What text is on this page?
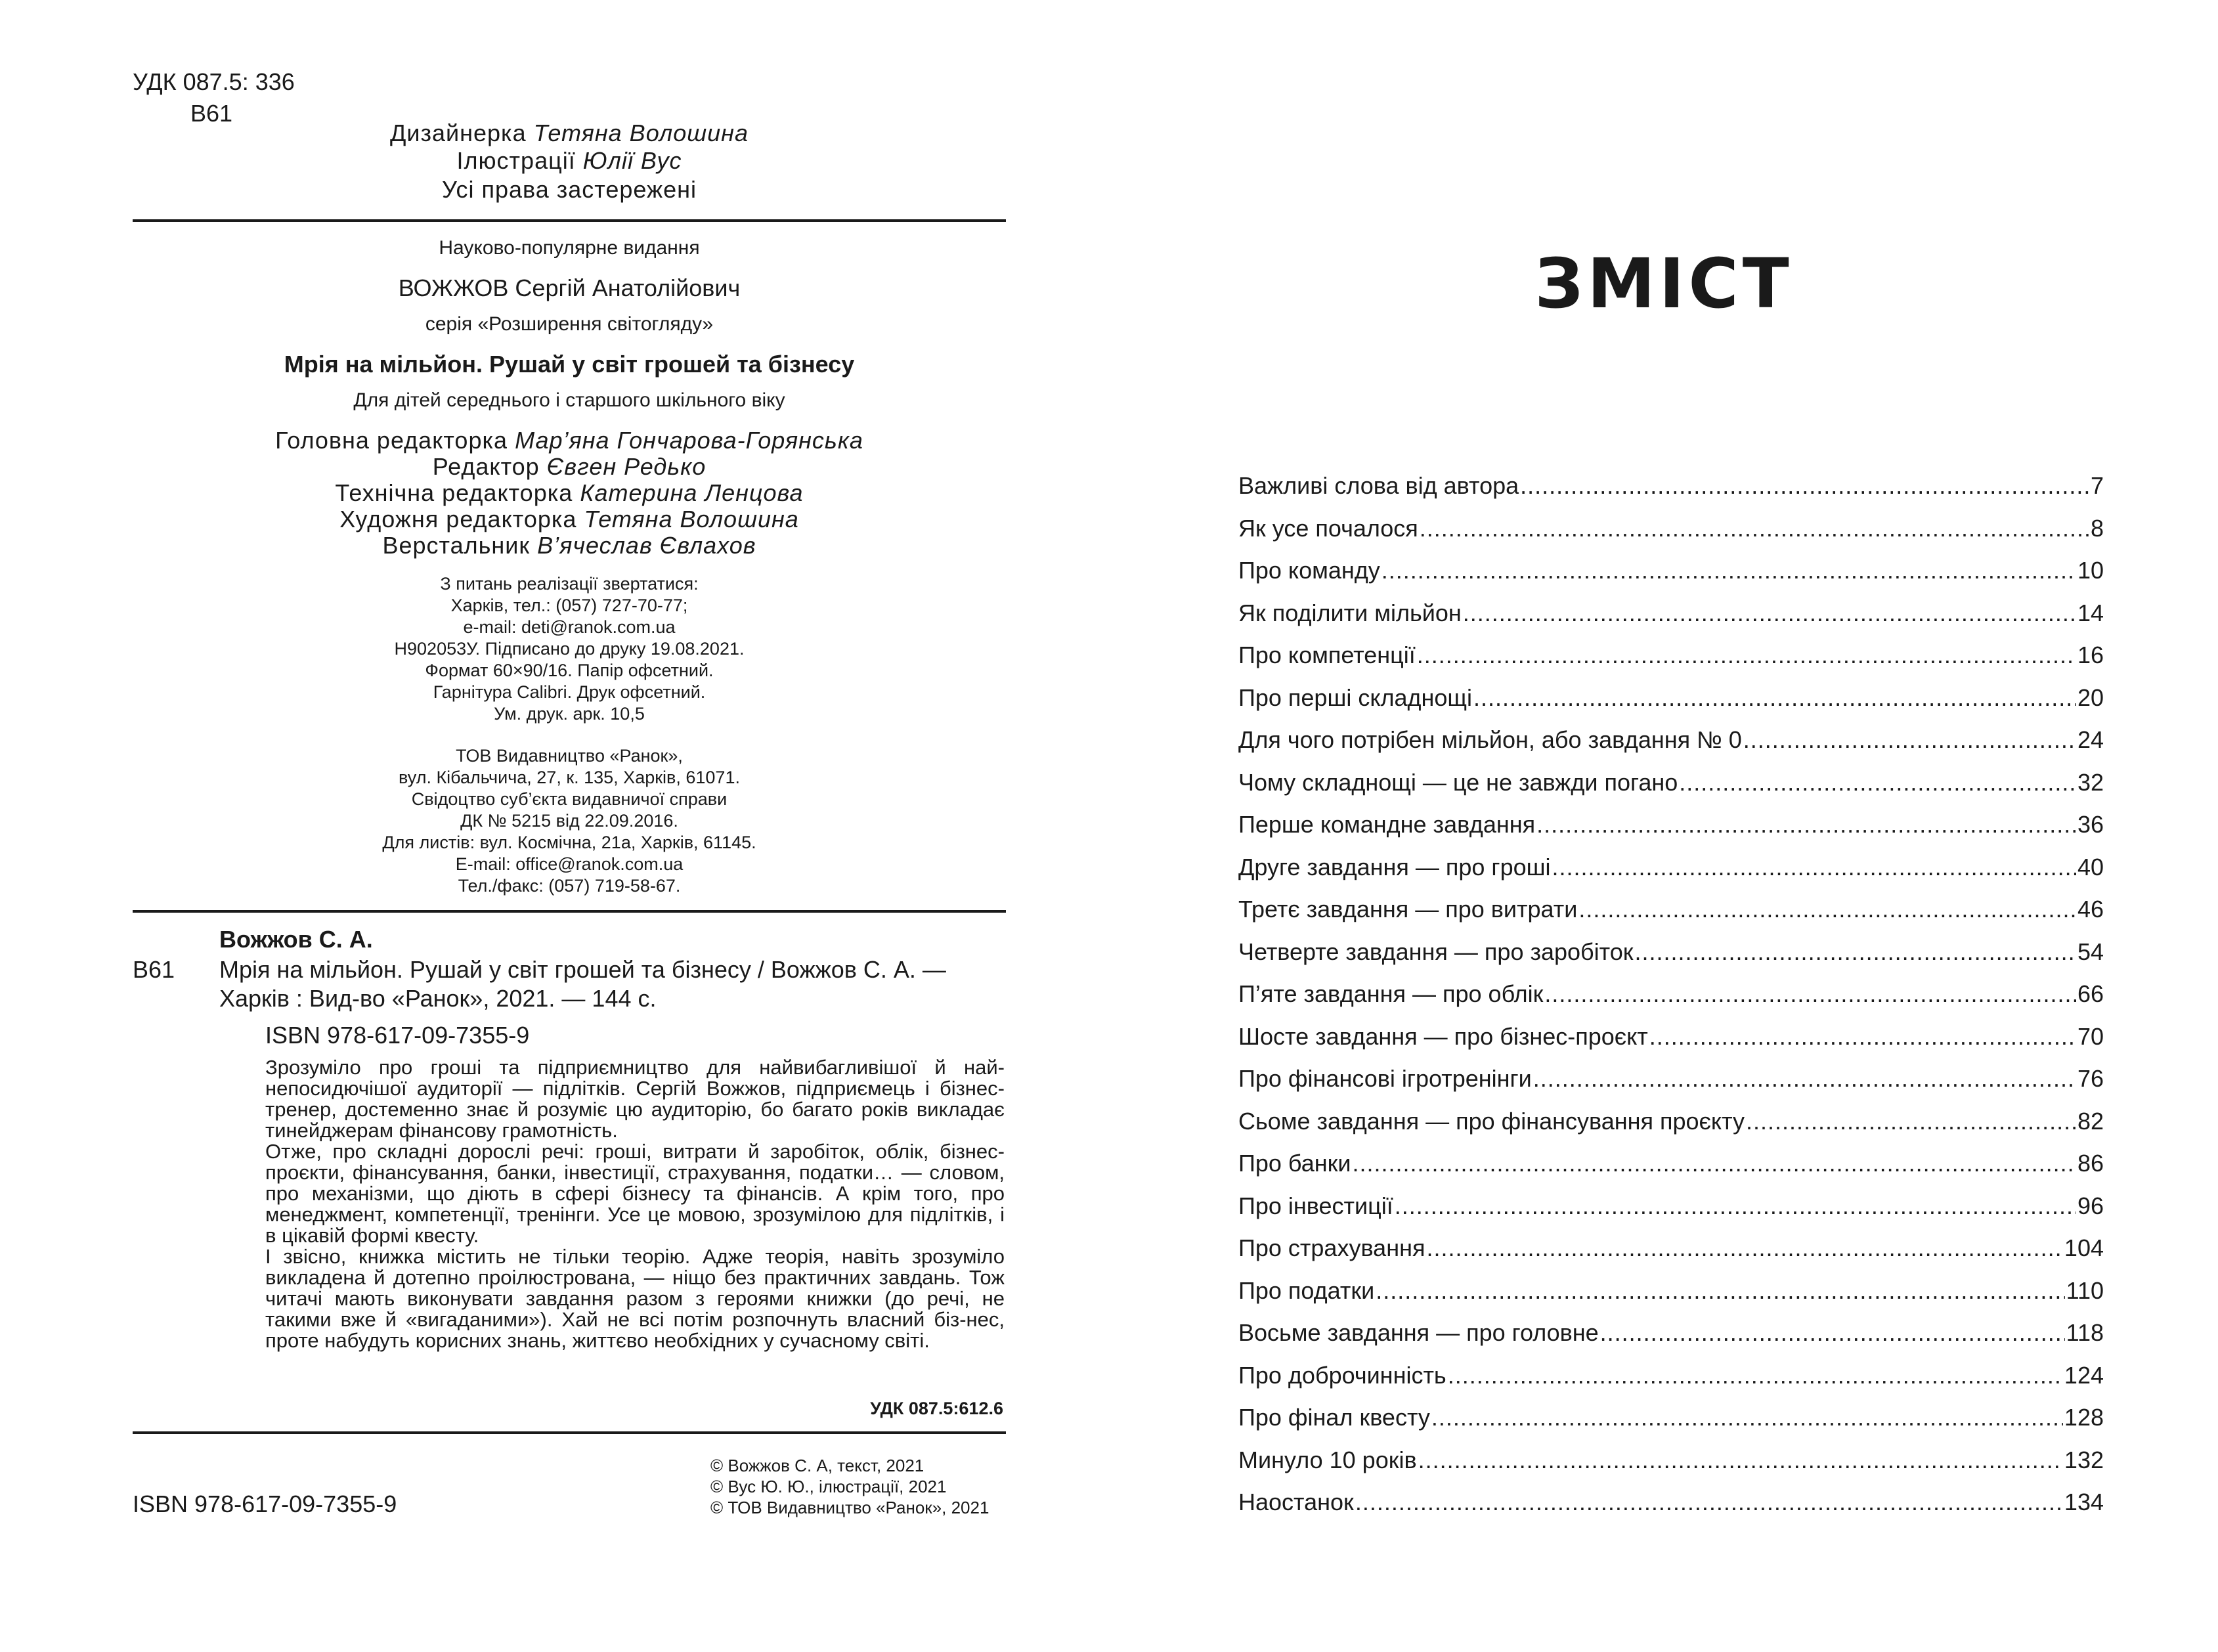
УДК 087.5: 336
В61
Дизайнерка Тетяна Волошина
Ілюстрації Юлії Вус
Усі права застережені
Науково-популярне видання
ВОЖЖОВ Сергій Анатолійович
серія «Розширення світогляду»
Мрія на мільйон. Рушай у світ грошей та бізнесу
Для дітей середнього і старшого шкільного віку
Головна редакторка Мар’яна Гончарова-Горянська
Редактор Євген Редько
Технічна редакторка Катерина Ленцова
Художня редакторка Тетяна Волошина
Верстальник В’ячеслав Євлахов
З питань реалізації звертатися:
Харків, тел.: (057) 727-70-77;
e-mail: deti@ranok.com.ua
Н902053У. Підписано до друку 19.08.2021.
Формат 60×90/16. Папір офсетний.
Гарнітура Calibri. Друк офсетний.
Ум. друк. арк. 10,5
ТОВ Видавництво «Ранок»,
вул. Кібальчича, 27, к. 135, Харків, 61071.
Свідоцтво суб’єкта видавничої справи
ДК № 5215 від 22.09.2016.
Для листів: вул. Космічна, 21а, Харків, 61145.
E-mail: office@ranok.com.ua
Тел./факс: (057) 719-58-67.
Вожжов С. А.
В61 Мрія на мільйон. Рушай у світ грошей та бізнесу / Вожжов С. А. —
Харків : Вид-во «Ранок», 2021. — 144 с.
ISBN 978-617-09-7355-9

Зрозуміло про гроші та підприємництво для найвибагливішої й най-непосидючішої аудиторії — підлітків. Сергій Вожжов, підприємець і бізнес-тренер, достеменно знає й розуміє цю аудиторію, бо багато років викладає тинейджерам фінансову грамотність.

Отже, про складні дорослі речі: гроші, витрати й заробіток, облік, бізнес-проєкти, фінансування, банки, інвестиції, страхування, податки… — словом, про механізми, що діють в сфері бізнесу та фінансів. А крім того, про менеджмент, компетенції, тренінги. Усе це мовою, зрозумілою для підлітків, і в цікавій формі квесту.

І звісно, книжка містить не тільки теорію. Адже теорія, навіть зрозуміло викладена й дотепно проілюстрована, — ніщо без практичних завдань. Тож читачі мають виконувати завдання разом з героями книжки (до речі, не такими вже й «вигаданими»). Хай не всі потім розпочнуть власний біз-нес, проте набудуть корисних знань, життєво необхідних у сучасному світі.

УДК 087.5:612.6
ISBN 978-617-09-7355-9
© Вожжов С. А, текст, 2021
© Вус Ю. Ю., ілюстрації, 2021
© ТОВ Видавництво «Ранок», 2021
ЗМІСТ
Важливі слова від автора .....	7
Як усе почалося .....	8
Про команду .....	10
Як поділити мільйон .....	14
Про компетенції .....	16
Про перші складнощі .....	20
Для чого потрібен мільйон, або завдання № 0 .....	24
Чому складнощі — це не завжди погано .....	32
Перше командне завдання .....	36
Друге завдання — про гроші .....	40
Третє завдання — про витрати .....	46
Четверте завдання — про заробіток .....	54
П’яте завдання — про облік .....	66
Шосте завдання — про бізнес-проєкт .....	70
Про фінансові ігротренінги .....	76
Сьоме завдання — про фінансування проєкту .....	82
Про банки .....	86
Про інвестиції .....	96
Про страхування .....	104
Про податки .....	110
Восьме завдання — про головне .....	118
Про доброчинність .....	124
Про фінал квесту .....	128
Минуло 10 років .....	132
Наостанок .....	134
